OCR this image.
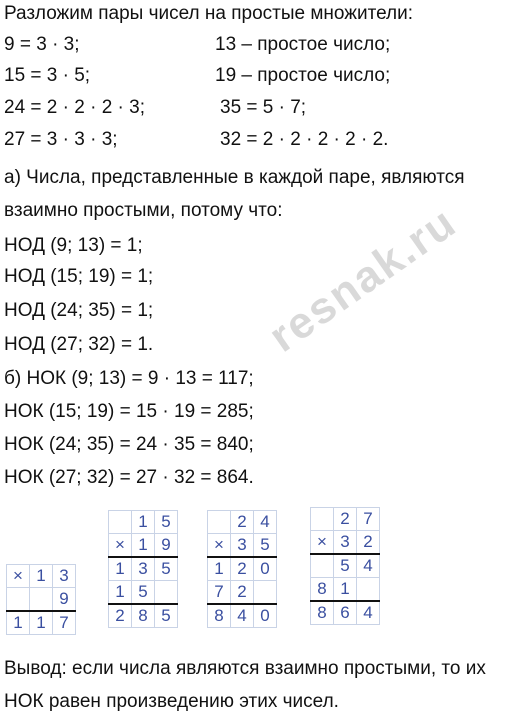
Разложим пары чисел на простые множители:
9 = 3 · 3;	13 – простое число;
15 = 3 · 5;	19 – простое число;
24 = 2 · 2 · 2 · 3;	35 = 5 · 7;
27 = 3 · 3 · 3;	32 = 2 · 2 · 2 · 2 · 2.
а) Числа, представленные в каждой паре, являются
взаимно простыми, потому что:
НОД (9; 13) = 1;
НОД (15; 19) = 1;
НОД (24; 35) = 1;
НОД (27; 32) = 1.
б) НОК (9; 13) = 9 · 13 = 117;
НОК (15; 19) = 15 · 19 = 285;
НОК (24; 35) = 24 · 35 = 840;
НОК (27; 32) = 27 · 32 = 864.
×	1	3
		9
1	1	7
	1	5
×	1	9
1	3	5
1	5	
2	8	5
	2	4
×	3	5
1	2	0
7	2	
8	4	0
	2	7
×	3	2
	5	4
8	1	
8	6	4
Вывод: если числа являются взаимно простыми, то их
НОК равен произведению этих чисел.
resnak.ru
